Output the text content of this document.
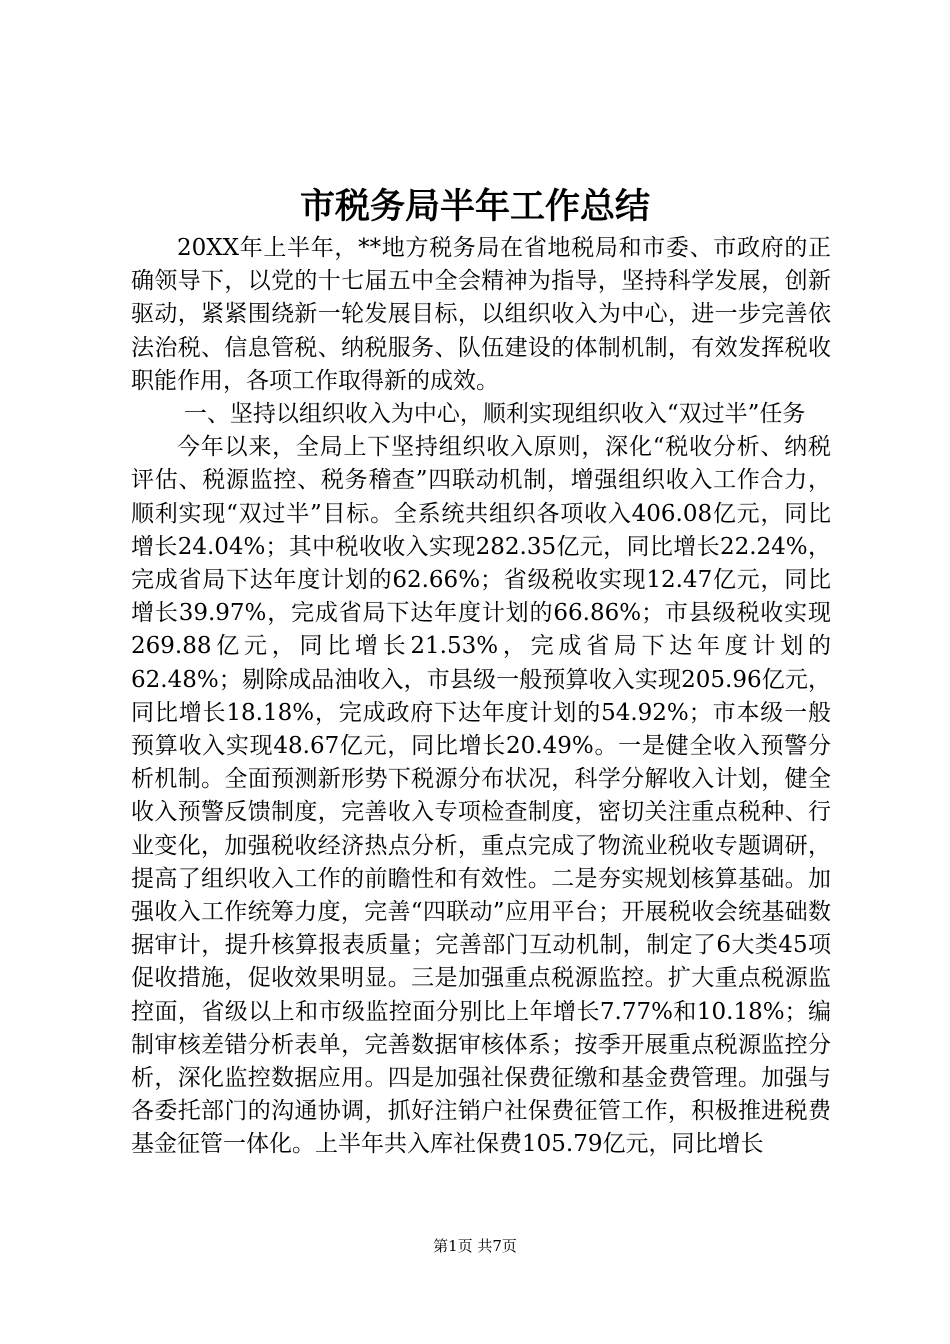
市税务局半年工作总结

20XX年上半年，**地方税务局在省地税局和市委、市政府的正确领导下，以党的十七届五中全会精神为指导，坚持科学发展，创新驱动，紧紧围绕新一轮发展目标，以组织收入为中心，进一步完善依法治税、信息管税、纳税服务、队伍建设的体制机制，有效发挥税收职能作用，各项工作取得新的成效。

一、坚持以组织收入为中心，顺利实现组织收入“双过半”任务

今年以来，全局上下坚持组织收入原则，深化“税收分析、纳税评估、税源监控、税务稽查”四联动机制，增强组织收入工作合力，顺利实现“双过半”目标。全系统共组织各项收入406.08亿元，同比增长24.04%；其中税收收入实现282.35亿元，同比增长22.24%，完成省局下达年度计划的62.66%；省级税收实现12.47亿元，同比增长39.97%，完成省局下达年度计划的66.86%；市县级税收实现269.88亿元，同比增长21.53%，完成省局下达年度计划的62.48%；剔除成品油收入，市县级一般预算收入实现205.96亿元，同比增长18.18%，完成政府下达年度计划的54.92%；市本级一般预算收入实现48.67亿元，同比增长20.49%。一是健全收入预警分析机制。全面预测新形势下税源分布状况，科学分解收入计划，健全收入预警反馈制度，完善收入专项检查制度，密切关注重点税种、行业变化，加强税收经济热点分析，重点完成了物流业税收专题调研，提高了组织收入工作的前瞻性和有效性。二是夯实规划核算基础。加强收入工作统筹力度，完善“四联动”应用平台；开展税收会统基础数据审计，提升核算报表质量；完善部门互动机制，制定了6大类45项促收措施，促收效果明显。三是加强重点税源监控。扩大重点税源监控面，省级以上和市级监控面分别比上年增长7.77%和10.18%；编制审核差错分析表单，完善数据审核体系；按季开展重点税源监控分析，深化监控数据应用。四是加强社保费征缴和基金费管理。加强与各委托部门的沟通协调，抓好注销户社保费征管工作，积极推进税费基金征管一体化。上半年共入库社保费105.79亿元，同比增长

第1页 共7页
